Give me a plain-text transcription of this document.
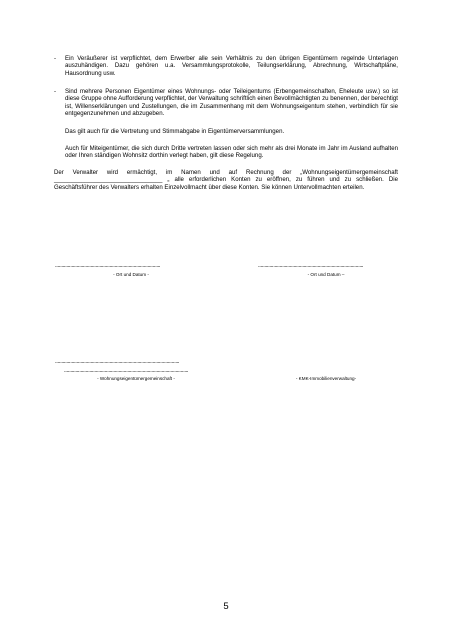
- Ein Veräußerer ist verpflichtet, dem Erwerber alle sein Verhältnis zu den übrigen Eigentümern regelnde Unterlagen auszuhändigen. Dazu gehören u.a. Versammlungsprotokolle, Teilungserklärung, Abrechnung, Wirtschaftpläne, Hausordnung usw.
- Sind mehrere Personen Eigentümer eines Wohnungs- oder Teileigentums (Erbengemeinschaften, Eheleute usw.) so ist diese Gruppe ohne Aufforderung verpflichtet, der Verwaltung schriftlich einen Bevollmächtigten zu benennen, der berechtigt ist, Willenserklärungen und Zustellungen, die im Zusammenhang mit dem Wohnungseigentum stehen, verbindlich für sie entgegenzunehmen und abzugeben.
Das gilt auch für die Vertretung und Stimmabgabe in Eigentümerversammlungen.
Auch für Miteigentümer, die sich durch Dritte vertreten lassen oder sich mehr als drei Monate im Jahr im Ausland aufhalten oder Ihren ständigen Wohnsitz dorthin verlegt haben, gilt diese Regelung.
Der Verwalter wird ermächtigt, im Namen und auf Rechnung der „Wohnungseigentümergemeinschaft ________________________________ „ alle erforderlichen Konten zu eröffnen, zu führen und zu schließen. Die Geschäftsführer des Verwalters erhalten Einzelvollmacht über diese Konten. Sie können Untervollmachten erteilen.
...................................................................................
- Ort und Datum -
...................................................................................
- Ort und Datum –
..................................................................................................
..................................................................................................
- Wohnungseigentümergemeinschaft -	- KMK-Immobilienverwaltung-
5
